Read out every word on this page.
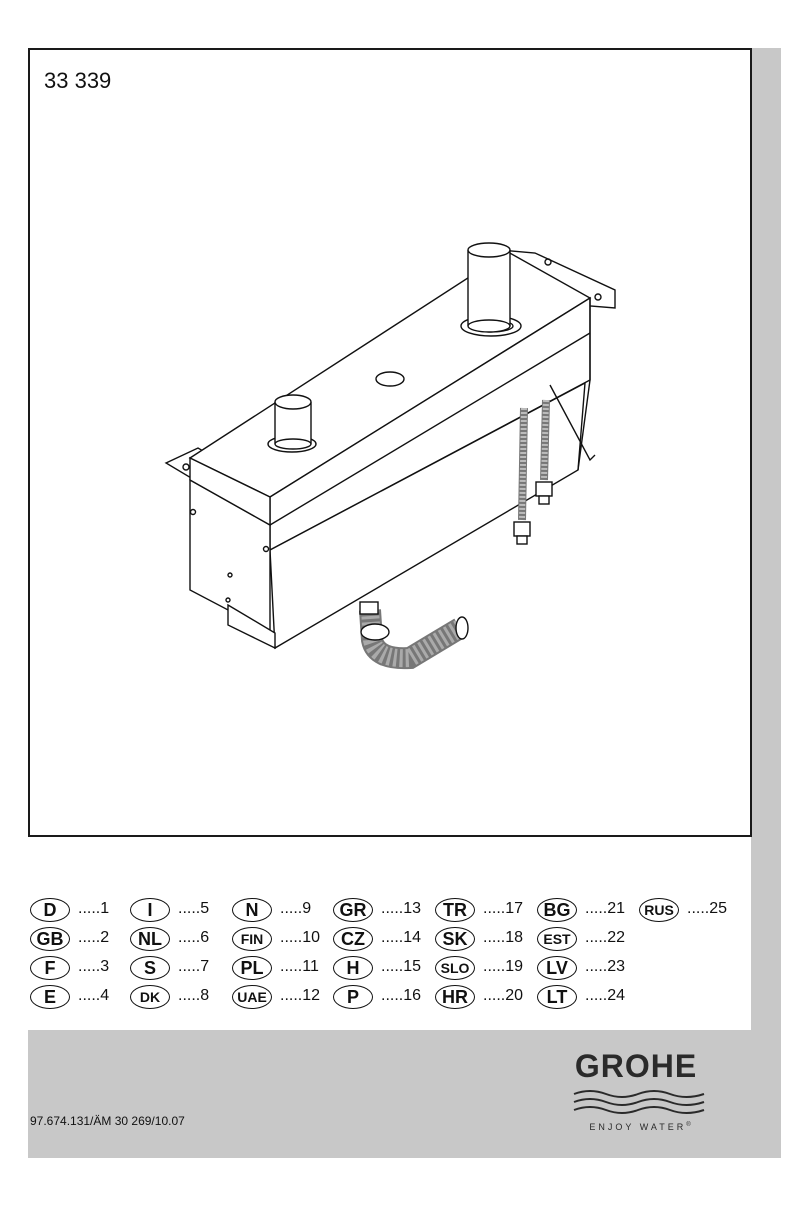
33 339
D	.....1	I	.....5	N	.....9	GR .....13	TR	.....17	BG .....21	RUS .....25
GB .....2	NL	.....6	FIN	.....10	CZ	.....14	SK .....18	EST .....22
F	.....3	S	.....7	PL	.....11	H	.....15	SLO .....19	LV	.....23
E	.....4	DK	.....8	UAE .....12	P	.....16	HR .....20	LT	.....24
97.674.131/ÄM 30 269/10.07
GROHE
ENJOY WATER®
